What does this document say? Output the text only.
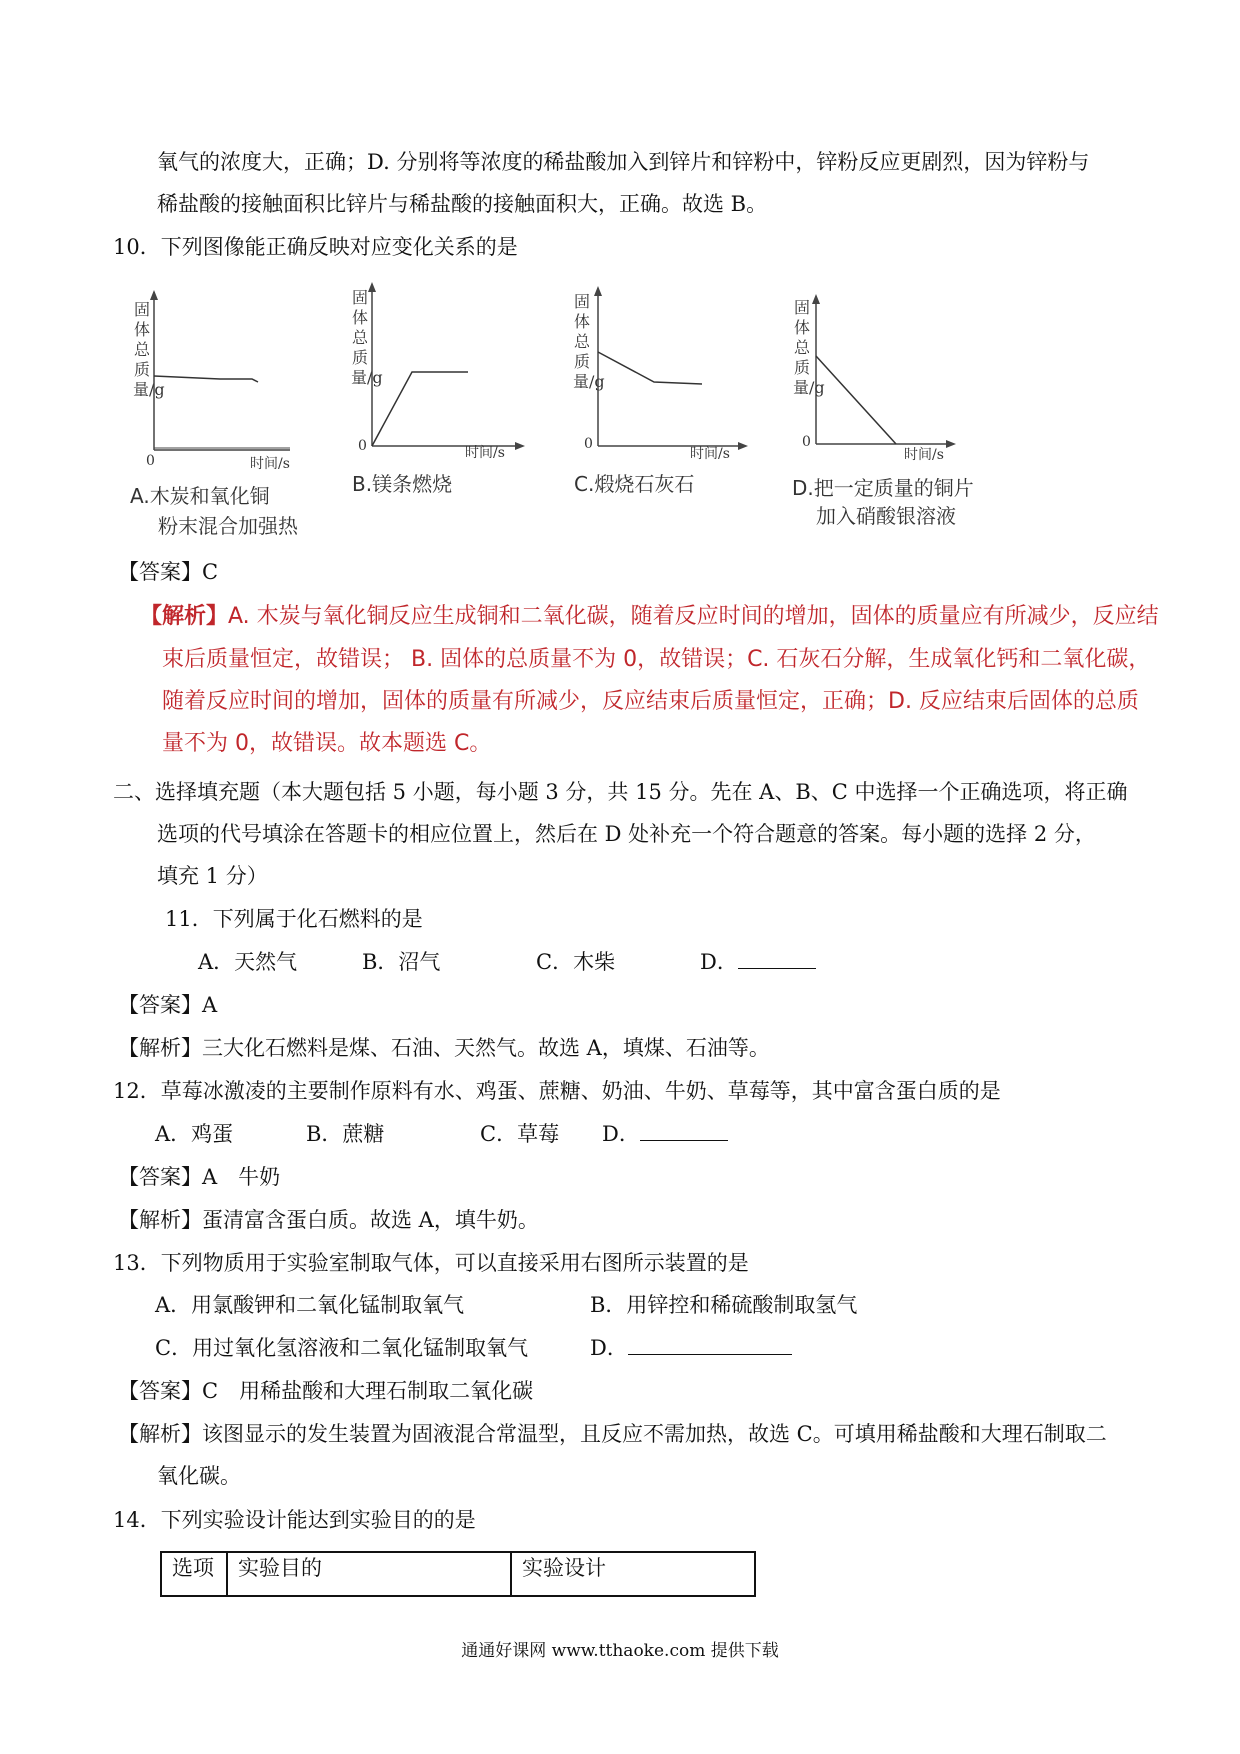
氧气的浓度大，正确；D. 分别将等浓度的稀盐酸加入到锌片和锌粉中，锌粉反应更剧烈，因为锌粉与
稀盐酸的接触面积比锌片与稀盐酸的接触面积大，正确。故选 B。
10．下列图像能正确反映对应变化关系的是
固体总质量/g
0	时间/s
A.木炭和氧化铜
粉末混合加强热
固体总质量/g
0	时间/s
B.镁条燃烧
固体总质量/g
0
时间/s
C.煅烧石灰石
固体总质量/g
0
时间/s
D.把一定质量的铜片
加入硝酸银溶液
【答案】C
【解析】A. 木炭与氧化铜反应生成铜和二氧化碳，随着反应时间的增加，固体的质量应有所减少，反应结
束后质量恒定，故错误； B. 固体的总质量不为 0，故错误；C. 石灰石分解，生成氧化钙和二氧化碳，
随着反应时间的增加，固体的质量有所减少，反应结束后质量恒定，正确；D. 反应结束后固体的总质
量不为 0，故错误。故本题选 C。
二、选择填充题（本大题包括 5 小题，每小题 3 分，共 15 分。先在 A、B、C 中选择一个正确选项，将正确
选项的代号填涂在答题卡的相应位置上，然后在 D 处补充一个符合题意的答案。每小题的选择 2 分，
填充 1 分）
11．下列属于化石燃料的是
A．天然气	B．沼气	C．木柴	D．
【答案】A
【解析】三大化石燃料是煤、石油、天然气。故选 A，填煤、石油等。
12．草莓冰激凌的主要制作原料有水、鸡蛋、蔗糖、奶油、牛奶、草莓等，其中富含蛋白质的是
A．鸡蛋	B．蔗糖	C．草莓 D．
【答案】A　牛奶
【解析】蛋清富含蛋白质。故选 A，填牛奶。
13．下列物质用于实验室制取气体，可以直接采用右图所示装置的是
A．用氯酸钾和二氧化锰制取氧气	B．用锌控和稀硫酸制取氢气
C．用过氧化氢溶液和二氧化锰制取氧气	D．
【答案】C　用稀盐酸和大理石制取二氧化碳
【解析】该图显示的发生装置为固液混合常温型，且反应不需加热，故选 C。可填用稀盐酸和大理石制取二
氧化碳。
14．下列实验设计能达到实验目的的是
选项	实验目的	实验设计
通通好课网 www.tthaoke.com 提供下载
